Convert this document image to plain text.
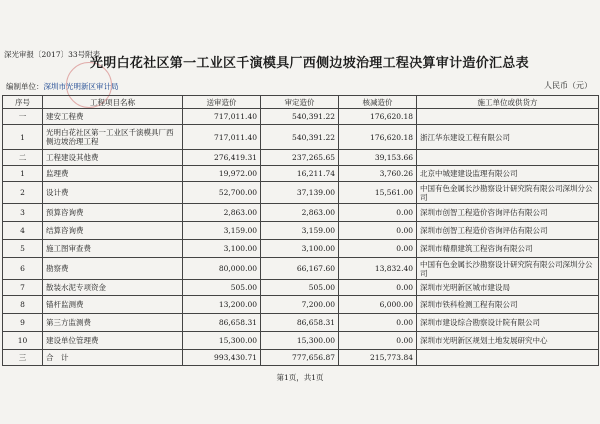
深光审报〔2017〕33号附表
光明白花社区第一工业区千演模具厂西侧边坡治理工程决算审计造价汇总表
编制单位：深圳市光明新区审计局	人民币（元）
序号	工程项目名称	送审造价	审定造价	核减造价	施工单位或供货方
一	建安工程费	717,011.40	540,391.22	176,620.18	
1	光明白花社区第一工业区千演模具厂西侧边坡治理工程	717,011.40	540,391.22	176,620.18	浙江华东建设工程有限公司
二	工程建设其他费	276,419.31	237,265.65	39,153.66	
1	监理费	19,972.00	16,211.74	3,760.26	北京中城建建设监理有限公司
2	设计费	52,700.00	37,139.00	15,561.00	中国有色金属长沙勘察设计研究院有限公司深圳分公司
3	预算咨询费	2,863.00	2,863.00	0.00	深圳市创智工程造价咨询评估有限公司
4	结算咨询费	3,159.00	3,159.00	0.00	深圳市创智工程造价咨询评估有限公司
5	施工图审查费	3,100.00	3,100.00	0.00	深圳市精鼎建筑工程咨询有限公司
6	勘察费	80,000.00	66,167.60	13,832.40	中国有色金属长沙勘察设计研究院有限公司深圳分公司
7	散装水泥专项资金	505.00	505.00	0.00	深圳市光明新区城市建设局
8	锚杆监测费	13,200.00	7,200.00	6,000.00	深圳市铁科检测工程有限公司
9	第三方监测费	86,658.31	86,658.31	0.00	深圳市建设综合勘察设计院有限公司
10	建设单位管理费	15,300.00	15,300.00	0.00	深圳市光明新区规划土地发展研究中心
三	合　计	993,430.71	777,656.87	215,773.84	
第1页，共1页
